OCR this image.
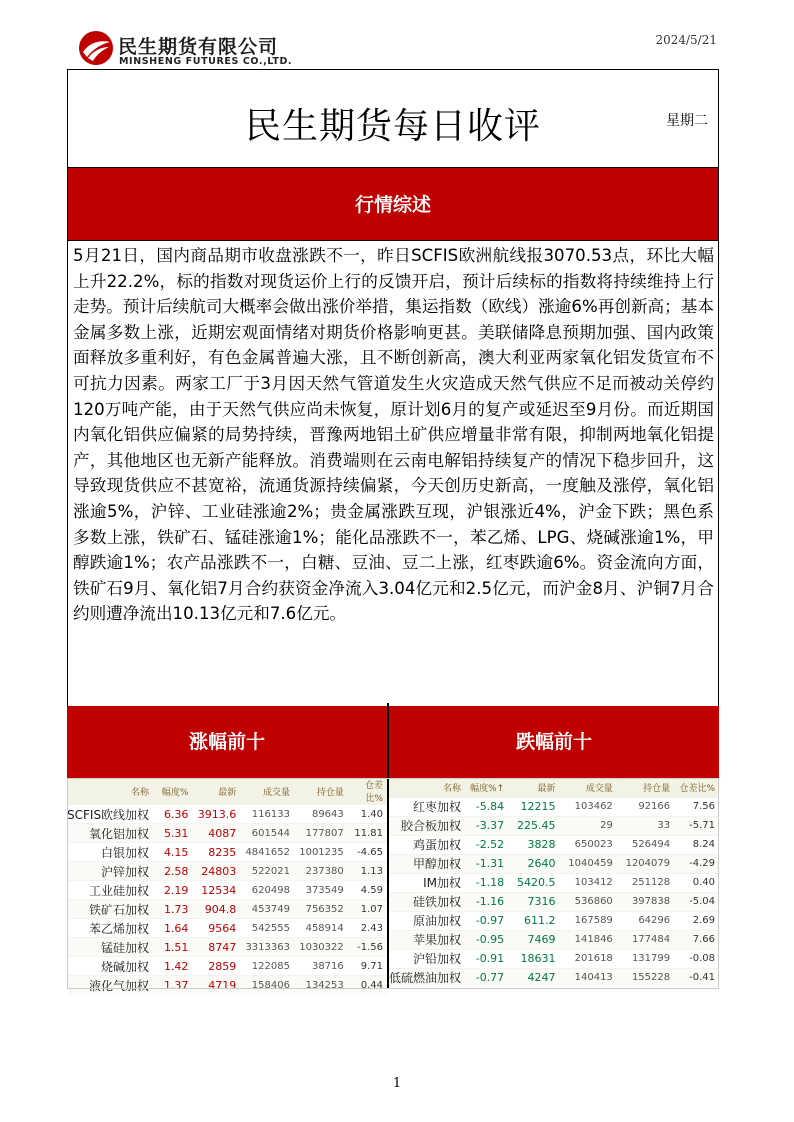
民生期货有限公司
MINSHENG FUTURES CO.,LTD.
2024/5/21
民生期货每日收评	星期二
行情综述
5月21日，国内商品期市收盘涨跌不一，昨日SCFIS欧洲航线报3070.53点，环比大幅上升22.2%，标的指数对现货运价上行的反馈开启，预计后续标的指数将持续维持上行走势。预计后续航司大概率会做出涨价举措，集运指数（欧线）涨逾6%再创新高；基本金属多数上涨，近期宏观面情绪对期货价格影响更甚。美联储降息预期加强、国内政策面释放多重利好，有色金属普遍大涨，且不断创新高，澳大利亚两家氧化铝发货宣布不可抗力因素。两家工厂于3月因天然气管道发生火灾造成天然气供应不足而被动关停约120万吨产能，由于天然气供应尚未恢复，原计划6月的复产或延迟至9月份。而近期国内氧化铝供应偏紧的局势持续，晋豫两地铝土矿供应增量非常有限，抑制两地氧化铝提产，其他地区也无新产能释放。消费端则在云南电解铝持续复产的情况下稳步回升，这导致现货供应不甚宽裕，流通货源持续偏紧，今天创历史新高，一度触及涨停，氧化铝涨逾5%，沪锌、工业硅涨逾2%；贵金属涨跌互现，沪银涨近4%，沪金下跌；黑色系多数上涨，铁矿石、锰硅涨逾1%；能化品涨跌不一，苯乙烯、LPG、烧碱涨逾1%，甲醇跌逾1%；农产品涨跌不一，白糖、豆油、豆二上涨，红枣跌逾6%。资金流向方面，铁矿石9月、氧化铝7月合约获资金净流入3.04亿元和2.5亿元，而沪金8月、沪铜7月合约则遭净流出10.13亿元和7.6亿元。
涨幅前十	跌幅前十
名称	幅度%	最新	成交量	持仓量	仓差比%
SCFIS欧线加权	6.36	3913.6	116133	89643	1.40
氧化铝加权	5.31	4087	601544	177807	11.81
白银加权	4.15	8235	4841652	1001235	-4.65
沪锌加权	2.58	24803	522021	237380	1.13
工业硅加权	2.19	12534	620498	373549	4.59
铁矿石加权	1.73	904.8	453749	756352	1.07
苯乙烯加权	1.64	9564	542555	458914	2.43
锰硅加权	1.51	8747	3313363	1030322	-1.56
烧碱加权	1.42	2859	122085	38716	9.71
液化气加权	1.37	4719	158406	134253	0.44
名称	幅度%↑	最新	成交量	持仓量	仓差比%
红枣加权	-5.84	12215	103462	92166	7.56
胶合板加权	-3.37	225.45	29	33	-5.71
鸡蛋加权	-2.52	3828	650023	526494	8.24
甲醇加权	-1.31	2640	1040459	1204079	-4.29
IM加权	-1.18	5420.5	103412	251128	0.40
硅铁加权	-1.16	7316	536860	397838	-5.04
原油加权	-0.97	611.2	167589	64296	2.69
苹果加权	-0.95	7469	141846	177484	7.66
沪铅加权	-0.91	18631	201618	131799	-0.08
低硫燃油加权	-0.77	4247	140413	155228	-0.41
1
